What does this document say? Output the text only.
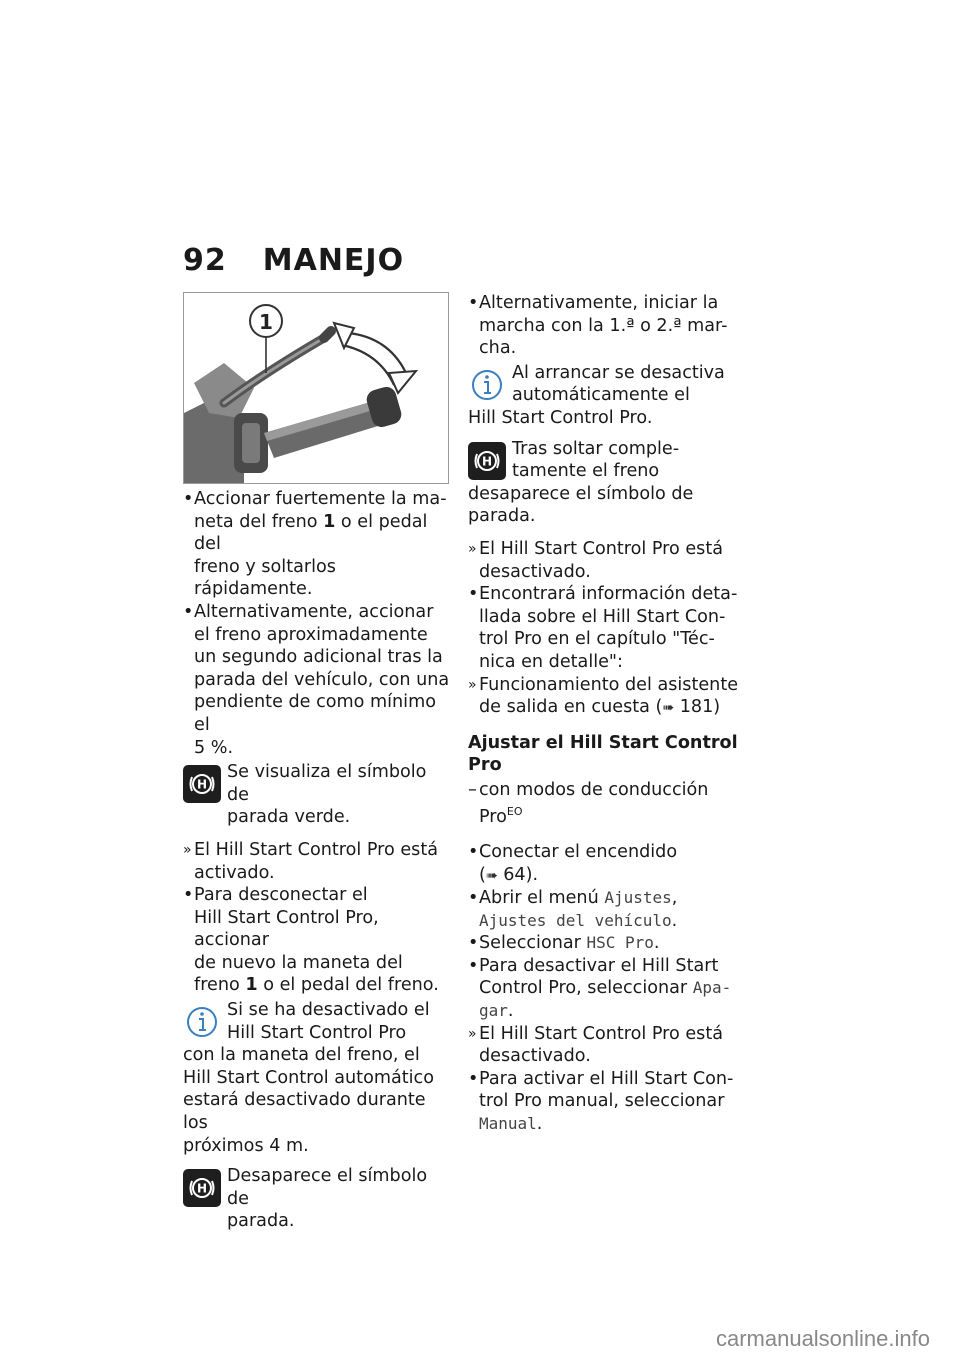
92 MANEJO
1

• Accionar fuertemente la ma-
neta del freno 1 o el pedal del
freno y soltarlos rápidamente.

• Alternativamente, accionar
el freno aproximadamente
un segundo adicional tras la
parada del vehículo, con una
pendiente de como mínimo el
5 %.

H
Se visualiza el símbolo de
parada verde.

» El Hill Start Control Pro está
activado.

• Para desconectar el
Hill Start Control Pro, accionar
de nuevo la maneta del
freno 1 o el pedal del freno.

Si se ha desactivado el
Hill Start Control Pro
con la maneta del freno, el
Hill Start Control automático
estará desactivado durante los
próximos 4 m.
H
Desaparece el símbolo de
parada.

• Alternativamente, iniciar la
marcha con la 1.ª o 2.ª mar-
cha.

Al arrancar se desactiva
automáticamente el
Hill Start Control Pro.
H
Tras soltar comple-
tamente el freno
desaparece el símbolo de
parada.

» El Hill Start Control Pro está
desactivado.

• Encontrará información deta-
llada sobre el Hill Start Con-
trol Pro en el capítulo "Téc-
nica en detalle":

» Funcionamiento del asistente
de salida en cuesta (➠ 181)

Ajustar el Hill Start Control
Pro

– con modos de conducción
Pro$^{EO}$

• Conectar el encendido
(➠ 64).

• Abrir el menú Ajustes,
Ajustes del vehículo.

• Seleccionar HSC Pro.

• Para desactivar el Hill Start
Control Pro, seleccionar Apa-
gar.

» El Hill Start Control Pro está
desactivado.

• Para activar el Hill Start Con-
trol Pro manual, seleccionar
Manual.

carmanualsonline.info
